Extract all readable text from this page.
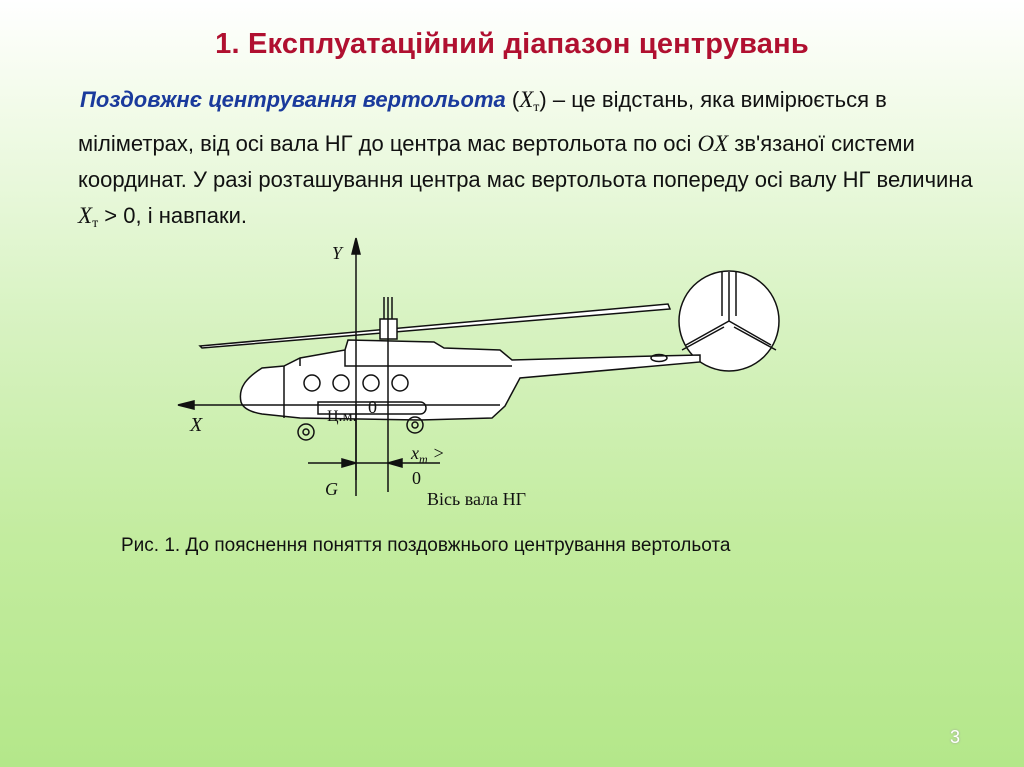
1. Експлуатаційний діапазон центрувань
Поздовжнє центрування вертольота $(X_т)$ – це відстань, яка вимірюється в міліметрах, від осі вала НГ до центра мас вертольота по осі OX зв'язаної системи координат. У разі розташування центра мас вертольота попереду осі валу НГ величина $X_т > 0$, і навпаки.
Y
X
G
0
Ц.м.
$x_т$ >
0
Вісь вала НГ
Рис. 1. До пояснення поняття поздовжнього центрування вертольота
3
